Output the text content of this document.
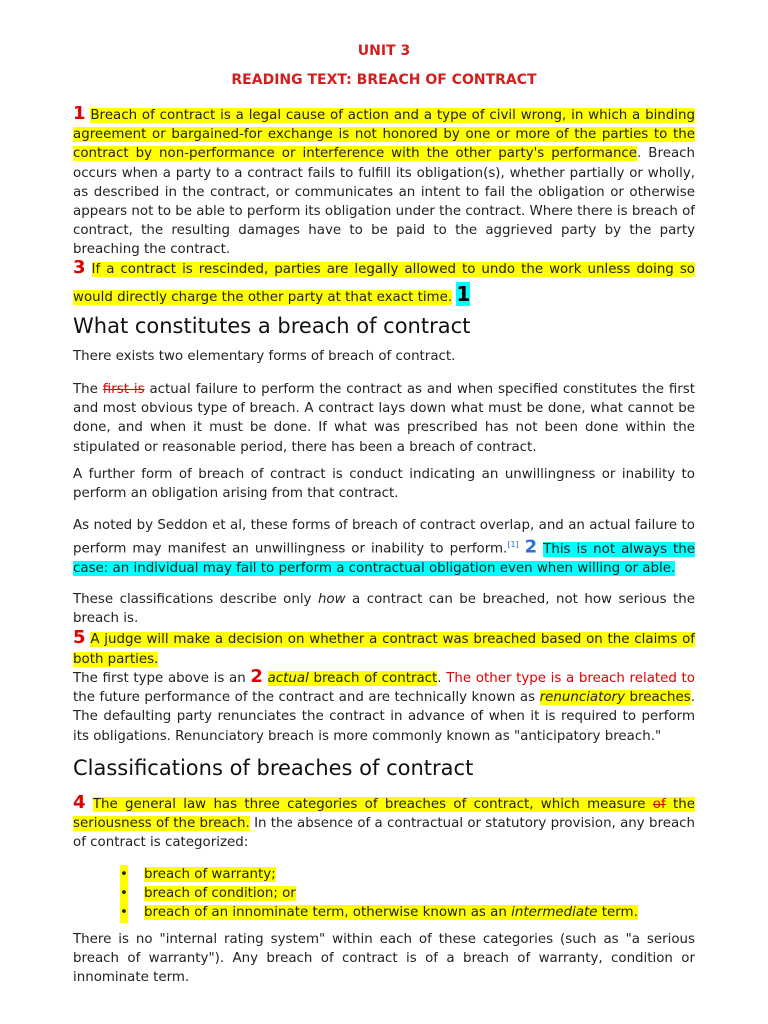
UNIT 3
READING TEXT: BREACH OF CONTRACT

1 Breach of contract is a legal cause of action and a type of civil wrong, in which a binding agreement or bargained-for exchange is not honored by one or more of the parties to the contract by non-performance or interference with the other party's performance. Breach occurs when a party to a contract fails to fulfill its obligation(s), whether partially or wholly, as described in the contract, or communicates an intent to fail the obligation or otherwise appears not to be able to perform its obligation under the contract. Where there is breach of contract, the resulting damages have to be paid to the aggrieved party by the party breaching the contract.

3 If a contract is rescinded, parties are legally allowed to undo the work unless doing so would directly charge the other party at that exact time. 1

What constitutes a breach of contract
There exists two elementary forms of breach of contract.

The first is actual failure to perform the contract as and when specified constitutes the first and most obvious type of breach. A contract lays down what must be done, what cannot be done, and when it must be done. If what was prescribed has not been done within the stipulated or reasonable period, there has been a breach of contract.

A further form of breach of contract is conduct indicating an unwillingness or inability to perform an obligation arising from that contract.

As noted by Seddon et al, these forms of breach of contract overlap, and an actual failure to perform may manifest an unwillingness or inability to perform.[1] 2 This is not always the case: an individual may fail to perform a contractual obligation even when willing or able.

These classifications describe only how a contract can be breached, not how serious the breach is.
5 A judge will make a decision on whether a contract was breached based on the claims of both parties.

The first type above is an 2 actual breach of contract. The other type is a breach related to the future performance of the contract and are technically known as renunciatory breaches. The defaulting party renunciates the contract in advance of when it is required to perform its obligations. Renunciatory breach is more commonly known as "anticipatory breach."

Classifications of breaches of contract

4 The general law has three categories of breaches of contract, which measure of the seriousness of the breach. In the absence of a contractual or statutory provision, any breach of contract is categorized:

• breach of warranty;
• breach of condition; or
• breach of an innominate term, otherwise known as an intermediate term.
There is no "internal rating system" within each of these categories (such as "a serious breach of warranty"). Any breach of contract is of a breach of warranty, condition or innominate term.
